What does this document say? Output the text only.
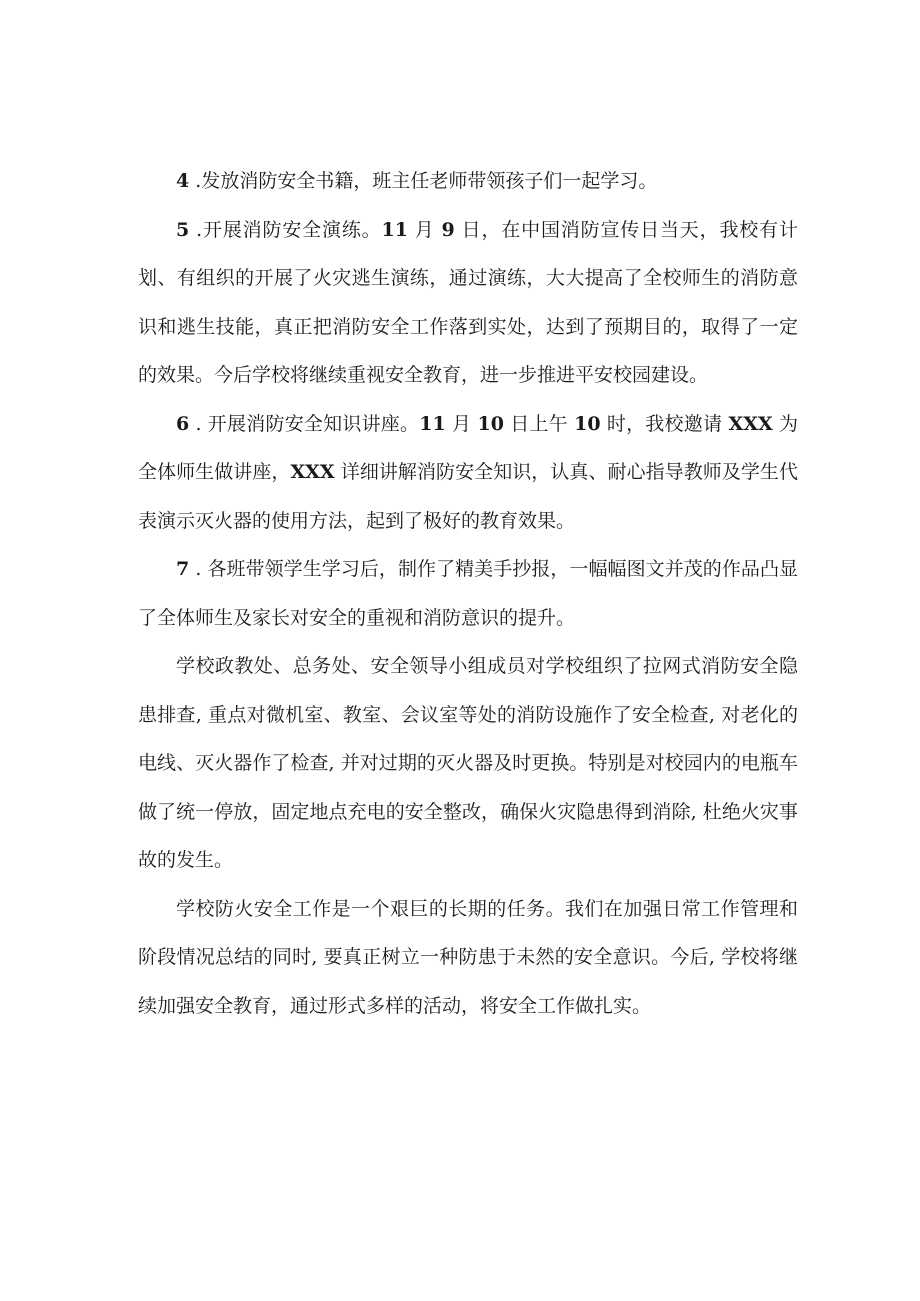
4 .发放消防安全书籍，班主任老师带领孩子们一起学习。

5 .开展消防安全演练。11 月 9 日，在中国消防宣传日当天，我校有计划、有组织的开展了火灾逃生演练，通过演练，大大提高了全校师生的消防意识和逃生技能，真正把消防安全工作落到实处，达到了预期目的，取得了一定的效果。今后学校将继续重视安全教育，进一步推进平安校园建设。

6 . 开展消防安全知识讲座。11 月 10 日上午 10 时，我校邀请 XXX 为全体师生做讲座，XXX 详细讲解消防安全知识，认真、耐心指导教师及学生代表演示灭火器的使用方法，起到了极好的教育效果。

7 . 各班带领学生学习后，制作了精美手抄报，一幅幅图文并茂的作品凸显了全体师生及家长对安全的重视和消防意识的提升。

学校政教处、总务处、安全领导小组成员对学校组织了拉网式消防安全隐患排查, 重点对微机室、教室、会议室等处的消防设施作了安全检查, 对老化的电线、灭火器作了检查, 并对过期的灭火器及时更换。特别是对校园内的电瓶车做了统一停放，固定地点充电的安全整改，确保火灾隐患得到消除, 杜绝火灾事故的发生。

学校防火安全工作是一个艰巨的长期的任务。我们在加强日常工作管理和阶段情况总结的同时, 要真正树立一种防患于未然的安全意识。今后, 学校将继续加强安全教育，通过形式多样的活动，将安全工作做扎实。
